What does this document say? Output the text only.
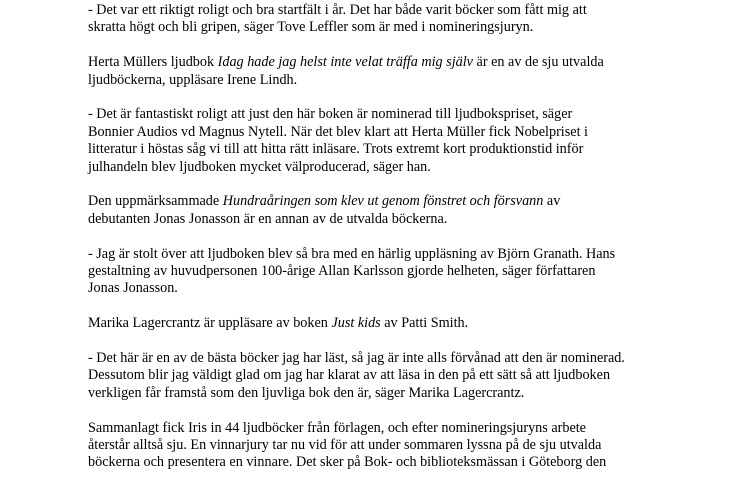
- Det var ett riktigt roligt och bra startfält i år. Det har både varit böcker som fått mig att
skratta högt och bli gripen, säger Tove Leffler som är med i nomineringsjuryn.

Herta Müllers ljudbok Idag hade jag helst inte velat träffa mig själv är en av de sju utvalda
ljudböckerna, uppläsare Irene Lindh.

- Det är fantastiskt roligt att just den här boken är nominerad till ljudbokspriset, säger
Bonnier Audios vd Magnus Nytell. När det blev klart att Herta Müller fick Nobelpriset i
litteratur i höstas såg vi till att hitta rätt inläsare. Trots extremt kort produktionstid inför
julhandeln blev ljudboken mycket välproducerad, säger han.

Den uppmärksammade Hundraåringen som klev ut genom fönstret och försvann av
debutanten Jonas Jonasson är en annan av de utvalda böckerna.

- Jag är stolt över att ljudboken blev så bra med en härlig uppläsning av Björn Granath. Hans
gestaltning av huvudpersonen 100-årige Allan Karlsson gjorde helheten, säger författaren
Jonas Jonasson.

Marika Lagercrantz är uppläsare av boken Just kids av Patti Smith.

- Det här är en av de bästa böcker jag har läst, så jag är inte alls förvånad att den är nominerad.
Dessutom blir jag väldigt glad om jag har klarat av att läsa in den på ett sätt så att ljudboken
verkligen får framstå som den ljuvliga bok den är, säger Marika Lagercrantz.

Sammanlagt fick Iris in 44 ljudböcker från förlagen, och efter nomineringsjuryns arbete
återstår alltså sju. En vinnarjury tar nu vid för att under sommaren lyssna på de sju utvalda
böckerna och presentera en vinnare. Det sker på Bok- och biblioteksmässan i Göteborg den
